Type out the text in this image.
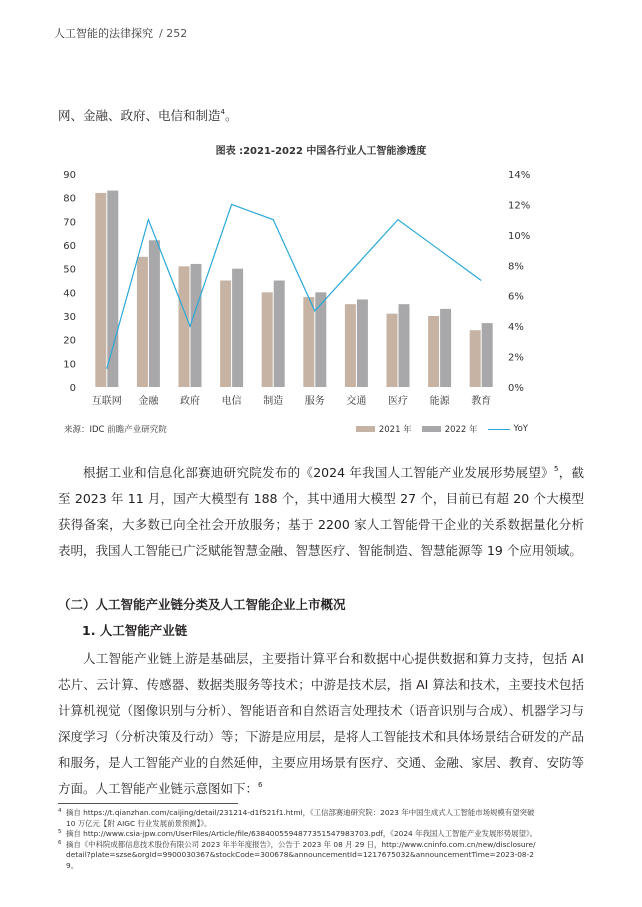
人工智能的法律探究 / 252
网、金融、政府、电信和制造$^4$。
图表 :2021-2022 中国各行业人工智能渗透度
0
10
20
30
40
50
60
70
80
90
0%
2%
4%
6%
8%
10%
12%
14%
互联网 金融 政府 电信 制造 服务 交通 医疗 能源 教育
来源：IDC 前瞻产业研究院	2021 年	2022 年	YoY
根据工业和信息化部赛迪研究院发布的《2024 年我国人工智能产业发展形势展望》$^5$，截至 2023 年 11 月，国产大模型有 188 个，其中通用大模型 27 个，目前已有超 20 个大模型获得备案，大多数已向全社会开放服务；基于 2200 家人工智能骨干企业的关系数据量化分析表明，我国人工智能已广泛赋能智慧金融、智慧医疗、智能制造、智慧能源等 19 个应用领域。
（二）人工智能产业链分类及人工智能企业上市概况
1. 人工智能产业链
人工智能产业链上游是基础层，主要指计算平台和数据中心提供数据和算力支持，包括 AI 芯片、云计算、传感器、数据类服务等技术；中游是技术层，指 AI 算法和技术，主要技术包括计算机视觉（图像识别与分析）、智能语音和自然语言处理技术（语音识别与合成）、机器学习与深度学习（分析决策及行动）等；下游是应用层，是将人工智能技术和具体场景结合研发的产品和服务，是人工智能产业的自然延伸，主要应用场景有医疗、交通、金融、家居、教育、安防等方面。人工智能产业链示意图如下：$^6$
4 摘自 https://t.qianzhan.com/caijing/detail/231214-d1f521f1.html，《工信部赛迪研究院：2023 年中国生成式人工智能市场规模有望突破 10 万亿元【附 AIGC 行业发展前景预测】》。
5 摘自 http://www.csia-jpw.com/UserFiles/Article/file/6384005594877351547983703.pdf，《2024 年我国人工智能产业发展形势展望》。
6 摘自《中科院成都信息技术股份有限公司 2023 年半年度报告》，公告于 2023 年 08 月 29 日，http://www.cninfo.com.cn/new/disclosure/detail?plate=szse&orgId=9900030367&stockCode=300678&announcementId=1217675032&announcementTime=2023-08-29。
